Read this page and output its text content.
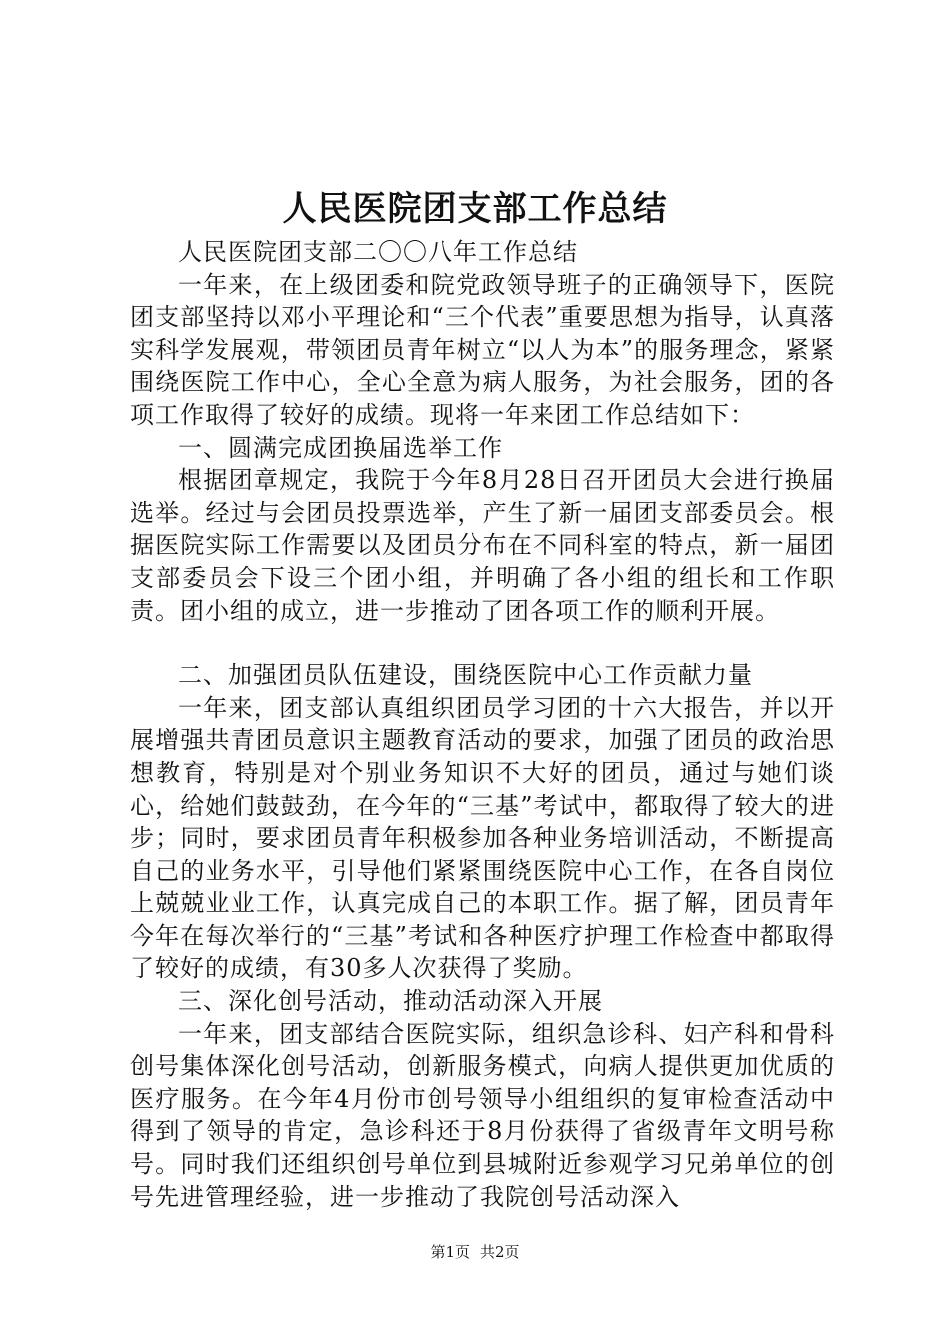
人民医院团支部工作总结

人民医院团支部二〇〇八年工作总结

一年来，在上级团委和院党政领导班子的正确领导下，医院团支部坚持以邓小平理论和“三个代表”重要思想为指导，认真落实科学发展观，带领团员青年树立“以人为本”的服务理念，紧紧围绕医院工作中心，全心全意为病人服务，为社会服务，团的各项工作取得了较好的成绩。现将一年来团工作总结如下：

一、圆满完成团换届选举工作

根据团章规定，我院于今年8月28日召开团员大会进行换届选举。经过与会团员投票选举，产生了新一届团支部委员会。根据医院实际工作需要以及团员分布在不同科室的特点，新一届团支部委员会下设三个团小组，并明确了各小组的组长和工作职责。团小组的成立，进一步推动了团各项工作的顺利开展。

二、加强团员队伍建设，围绕医院中心工作贡献力量

一年来，团支部认真组织团员学习团的十六大报告，并以开展增强共青团员意识主题教育活动的要求，加强了团员的政治思想教育，特别是对个别业务知识不大好的团员，通过与她们谈心，给她们鼓鼓劲，在今年的“三基”考试中，都取得了较大的进步；同时，要求团员青年积极参加各种业务培训活动，不断提高自己的业务水平，引导他们紧紧围绕医院中心工作，在各自岗位上兢兢业业工作，认真完成自己的本职工作。据了解，团员青年今年在每次举行的“三基”考试和各种医疗护理工作检查中都取得了较好的成绩，有30多人次获得了奖励。

三、深化创号活动，推动活动深入开展

一年来，团支部结合医院实际，组织急诊科、妇产科和骨科创号集体深化创号活动，创新服务模式，向病人提供更加优质的医疗服务。在今年4月份市创号领导小组组织的复审检查活动中得到了领导的肯定，急诊科还于8月份获得了省级青年文明号称号。同时我们还组织创号单位到县城附近参观学习兄弟单位的创号先进管理经验，进一步推动了我院创号活动深入

第1页 共2页
